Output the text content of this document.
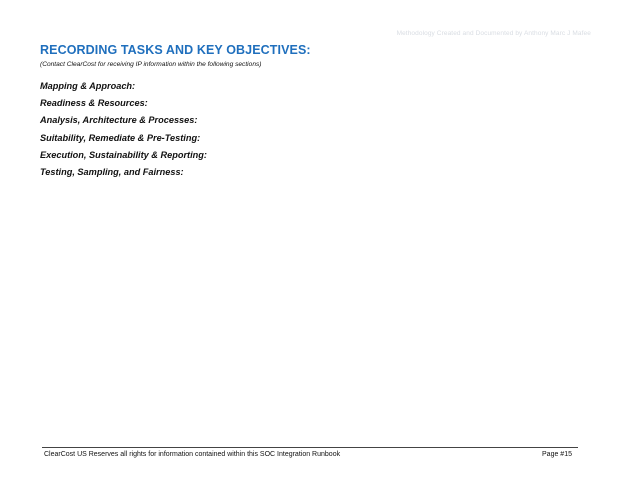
Methodology Created and Documented by Anthony Marc J Mafee
RECORDING TASKS AND KEY OBJECTIVES:
(Contact ClearCost for receiving IP information within the following sections)
Mapping & Approach:
Readiness & Resources:
Analysis, Architecture & Processes:
Suitability, Remediate & Pre-Testing:
Execution, Sustainability & Reporting:
Testing, Sampling, and Fairness:
ClearCost US Reserves all rights for information contained within this SOC Integration Runbook	Page #15
